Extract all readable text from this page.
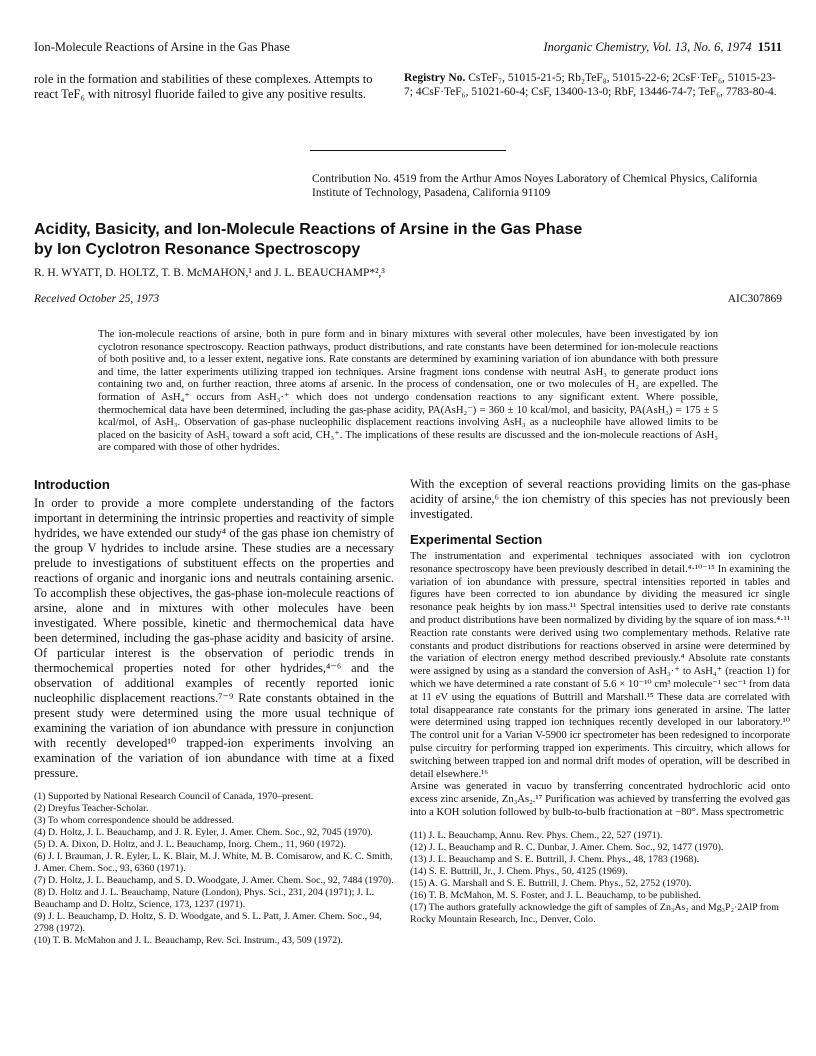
Ion-Molecule Reactions of Arsine in the Gas Phase	Inorganic Chemistry, Vol. 13, No. 6, 1974 1511
role in the formation and stabilities of these complexes. Attempts to react TeF₆ with nitrosyl fluoride failed to give any positive results.
Registry No. CsTeF₇, 51015-21-5; Rb₂TeF₈, 51015-22-6; 2CsF·TeF₆, 51015-23-7; 4CsF·TeF₆, 51021-60-4; CsF, 13400-13-0; RbF, 13446-74-7; TeF₆, 7783-80-4.
Contribution No. 4519 from the Arthur Amos Noyes Laboratory of Chemical Physics, California Institute of Technology, Pasadena, California 91109
Acidity, Basicity, and Ion-Molecule Reactions of Arsine in the Gas Phase
by Ion Cyclotron Resonance Spectroscopy
R. H. WYATT, D. HOLTZ, T. B. McMAHON,¹ and J. L. BEAUCHAMP*²,³
Received October 25, 1973	AIC307869
The ion-molecule reactions of arsine, both in pure form and in binary mixtures with several other molecules, have been investigated by ion cyclotron resonance spectroscopy. Reaction pathways, product distributions, and rate constants have been determined for ion-molecule reactions of both positive and, to a lesser extent, negative ions. Rate constants are determined by examining variation of ion abundance with both pressure and time, the latter experiments utilizing trapped ion techniques. Arsine fragment ions condense with neutral AsH₃ to generate product ions containing two and, on further reaction, three atoms af arsenic. In the process of condensation, one or two molecules of H₂ are expelled. The formation of AsH₄⁺ occurs from AsH₃·⁺ which does not undergo condensation reactions to any significant extent. Where possible, thermochemical data have been determined, including the gas-phase acidity, PA(AsH₂⁻) = 360 ± 10 kcal/mol, and basicity, PA(AsH₃) = 175 ± 5 kcal/mol, of AsH₃. Observation of gas-phase nucleophilic displacement reactions involving AsH₃ as a nucleophile have allowed limits to be placed on the basicity of AsH₃ toward a soft acid, CH₃⁺. The implications of these results are discussed and the ion-molecule reactions of AsH₃ are compared with those of other hydrides.
Introduction

In order to provide a more complete understanding of the factors important in determining the intrinsic properties and reactivity of simple hydrides, we have extended our study⁴ of the gas phase ion chemistry of the group V hydrides to include arsine. These studies are a necessary prelude to investigations of substituent effects on the properties and reactions of organic and inorganic ions and neutrals containing arsenic. To accomplish these objectives, the gas-phase ion-molecule reactions of arsine, alone and in mixtures with other molecules have been investigated. Where possible, kinetic and thermochemical data have been determined, including the gas-phase acidity and basicity of arsine. Of particular interest is the observation of periodic trends in thermochemical properties noted for other hydrides,⁴⁻⁶ and the observation of additional examples of recently reported ionic nucleophilic displacement reactions.⁷⁻⁹ Rate constants obtained in the present study were determined using the more usual technique of examining the variation of ion abundance with pressure in conjunction with recently developed¹⁰ trapped-ion experiments involving an examination of the variation of ion abundance with time at a fixed pressure.

(1) Supported by National Research Council of Canada, 1970–present.

(2) Dreyfus Teacher-Scholar.

(3) To whom correspondence should be addressed.

(4) D. Holtz, J. L. Beauchamp, and J. R. Eyler, J. Amer. Chem. Soc., 92, 7045 (1970).

(5) D. A. Dixon, D. Holtz, and J. L. Beauchamp, Inorg. Chem., 11, 960 (1972).

(6) J. I. Brauman, J. R. Eyler, L. K. Blair, M. J. White, M. B. Comisarow, and K. C. Smith, J. Amer. Chem. Soc., 93, 6360 (1971).

(7) D. Holtz, J. L. Beauchamp, and S. D. Woodgate, J. Amer. Chem. Soc., 92, 7484 (1970).

(8) D. Holtz and J. L. Beauchamp, Nature (London), Phys. Sci., 231, 204 (1971); J. L. Beauchamp and D. Holtz, Science, 173, 1237 (1971).

(9) J. L. Beauchamp, D. Holtz, S. D. Woodgate, and S. L. Patt, J. Amer. Chem. Soc., 94, 2798 (1972).

(10) T. B. McMahon and J. L. Beauchamp, Rev. Sci. Instrum., 43, 509 (1972).

With the exception of several reactions providing limits on the gas-phase acidity of arsine,⁶ the ion chemistry of this species has not previously been investigated.

Experimental Section

The instrumentation and experimental techniques associated with ion cyclotron resonance spectroscopy have been previously described in detail.⁴·¹⁰⁻¹⁵ In examining the variation of ion abundance with pressure, spectral intensities reported in tables and figures have been corrected to ion abundance by dividing the measured icr single resonance peak heights by ion mass.¹¹ Spectral intensities used to derive rate constants and product distributions have been normalized by dividing by the square of ion mass.⁴·¹¹ Reaction rate constants were derived using two complementary methods. Relative rate constants and product distributions for reactions observed in arsine were determined by the variation of electron energy method described previously.⁴ Absolute rate constants were assigned by using as a standard the conversion of AsH₃·⁺ to AsH₄⁺ (reaction 1) for which we have determined a rate constant of 5.6 × 10⁻¹⁰ cm³ molecule⁻¹ sec⁻¹ from data at 11 eV using the equations of Buttrill and Marshall.¹⁵ These data are correlated with total disappearance rate constants for the primary ions generated in arsine. The latter were determined using trapped ion techniques recently developed in our laboratory.¹⁰ The control unit for a Varian V-5900 icr spectrometer has been redesigned to incorporate pulse circuitry for performing trapped ion experiments. This circuitry, which allows for switching between trapped ion and normal drift modes of operation, will be described in detail elsewhere.¹⁶

Arsine was generated in vacuo by transferring concentrated hydrochloric acid onto excess zinc arsenide, Zn₃As₂.¹⁷ Purification was achieved by transferring the evolved gas into a KOH solution followed by bulb-to-bulb fractionation at −80°. Mass spectrometric

(11) J. L. Beauchamp, Annu. Rev. Phys. Chem., 22, 527 (1971).

(12) J. L. Beauchamp and R. C. Dunbar, J. Amer. Chem. Soc., 92, 1477 (1970).

(13) J. L. Beauchamp and S. E. Buttrill, J. Chem. Phys., 48, 1783 (1968).

(14) S. E. Buttrill, Jr., J. Chem. Phys., 50, 4125 (1969).

(15) A. G. Marshall and S. E. Buttrill, J. Chem. Phys., 52, 2752 (1970).

(16) T. B. McMahon, M. S. Foster, and J. L. Beauchamp, to be published.

(17) The authors gratefully acknowledge the gift of samples of Zn₃As₂ and Mg₃P₂·2AlP from Rocky Mountain Research, Inc., Denver, Colo.
